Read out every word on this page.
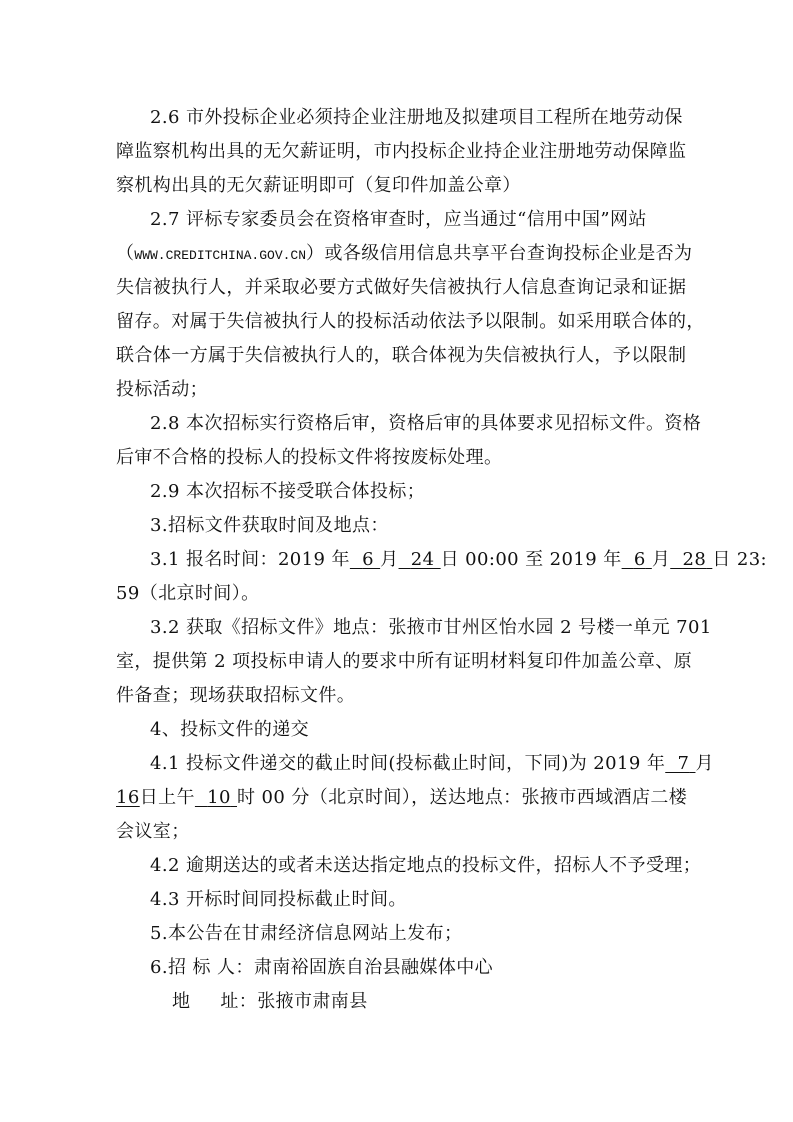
2.6 市外投标企业必须持企业注册地及拟建项目工程所在地劳动保
障监察机构出具的无欠薪证明，市内投标企业持企业注册地劳动保障监
察机构出具的无欠薪证明即可（复印件加盖公章）
2.7 评标专家委员会在资格审查时，应当通过“信用中国”网站
（WWW.CREDITCHINA.GOV.CN）或各级信用信息共享平台查询投标企业是否为
失信被执行人，并采取必要方式做好失信被执行人信息查询记录和证据
留存。对属于失信被执行人的投标活动依法予以限制。如采用联合体的，
联合体一方属于失信被执行人的，联合体视为失信被执行人，予以限制
投标活动；
2.8 本次招标实行资格后审，资格后审的具体要求见招标文件。资格
后审不合格的投标人的投标文件将按废标处理。
2.9 本次招标不接受联合体投标；
3.招标文件获取时间及地点：
3.1 报名时间：2019 年 6 月 24 日 00:00 至 2019 年 6 月 28 日 23:
59（北京时间）。
3.2 获取《招标文件》地点：张掖市甘州区怡水园 2 号楼一单元 701
室，提供第 2 项投标申请人的要求中所有证明材料复印件加盖公章、原
件备查；现场获取招标文件。
4、投标文件的递交
4.1 投标文件递交的截止时间(投标截止时间，下同)为 2019 年 7 月
16日上午 10 时 00 分（北京时间），送达地点：张掖市西域酒店二楼
会议室；
4.2 逾期送达的或者未送达指定地点的投标文件，招标人不予受理；
4.3 开标时间同投标截止时间。
5.本公告在甘肃经济信息网站上发布；
6.招 标 人：肃南裕固族自治县融媒体中心
地 址：张掖市肃南县
